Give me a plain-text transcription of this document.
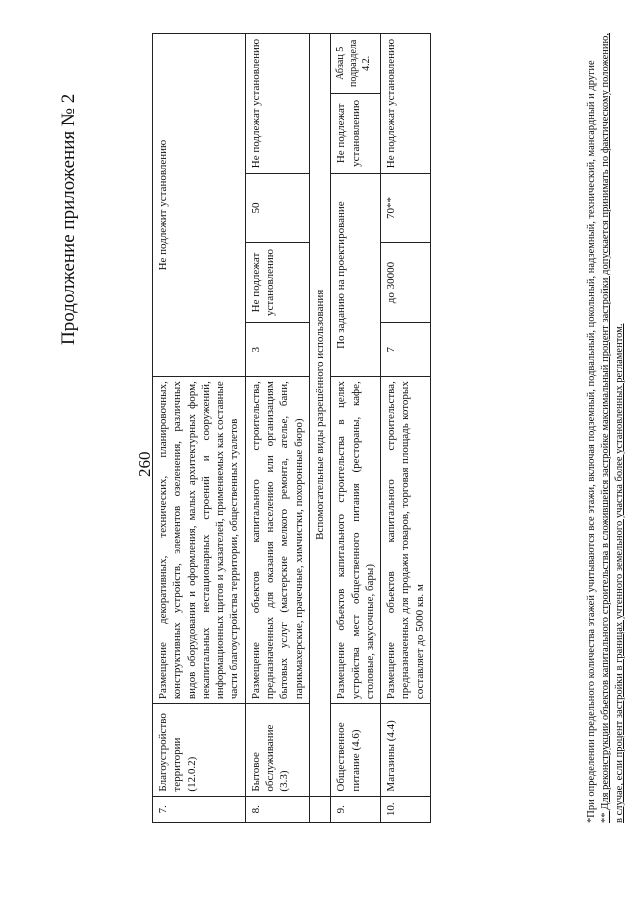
Продолжение приложения № 2
260
7.	Благоустройство территории (12.0.2)	Размещение декоративных, технических, планировочных, конструктивных устройств, элементов озеленения, различных видов оборудования и оформления, малых архитектурных форм, некапитальных нестационарных строений и сооружений, информационных щитов и указателей, применяемых как составные части благоустройства территории, общественных туалетов	Не подлежит установлению				
8.	Бытовое обслуживание (3.3)	Размещение объектов капитального строительства, предназначенных для оказания населению или организациям бытовых услуг (мастерские мелкого ремонта, ателье, бани, парикмахерские, прачечные, химчистки, похоронные бюро)	3	Не подлежат установлению	50	Не подлежат установлению	
	Вспомогательные виды разрешённого использования						
9.	Общественное питание (4.6)	Размещение объектов капитального строительства в целях устройства мест общественного питания (рестораны, кафе, столовые, закусочные, бары)	По заданию на проектирование			Не подлежат установлению	Абзац 5 подраздела 4.2.
10.	Магазины (4.4)	Размещение объектов капитального строительства, предназначенных для продажи товаров, торговая площадь которых составляет до 5000 кв. м	7	до 30000	70**	Не подлежат установлению		*При определении предельного количества этажей учитываются все этажи, включая подземный, подвальный, цокольный, надземный, технический, мансардный и другие ** Для реконструкции объектов капитального строительства в сложившейся застройке максимальный процент застройки допускается принимать по фактическому положению, в случае, если процент застройки в границах учтенного земельного участка более установленных регламентом.
